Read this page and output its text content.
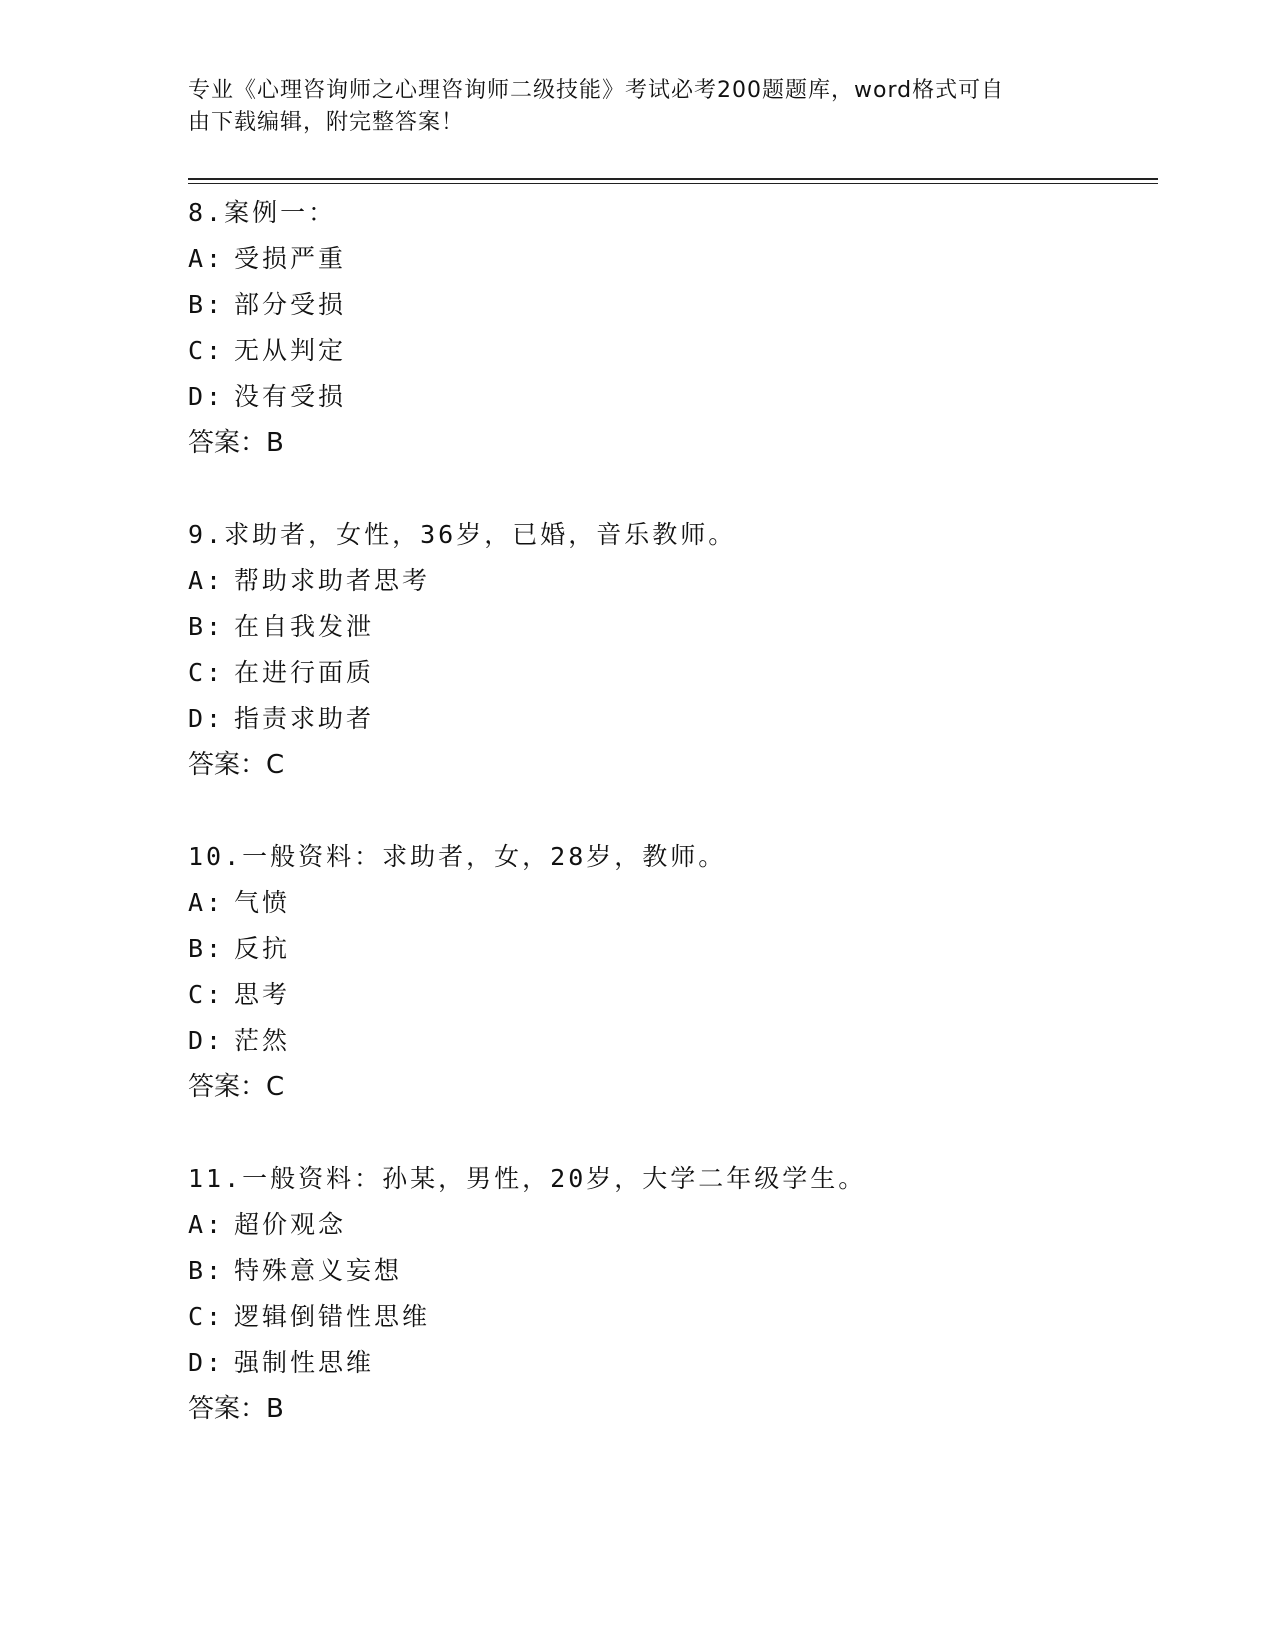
专业《心理咨询师之心理咨询师二级技能》考试必考200题题库，word格式可自
由下载编辑，附完整答案！
8.案例一：
A: 受损严重
B: 部分受损
C: 无从判定
D: 没有受损
答案：B
9.求助者，女性，36岁，已婚，音乐教师。
A: 帮助求助者思考
B: 在自我发泄
C: 在进行面质
D: 指责求助者
答案：C
10.一般资料：求助者，女，28岁，教师。
A: 气愤
B: 反抗
C: 思考
D: 茫然
答案：C
11.一般资料：孙某，男性，20岁，大学二年级学生。
A: 超价观念
B: 特殊意义妄想
C: 逻辑倒错性思维
D: 强制性思维
答案：B
